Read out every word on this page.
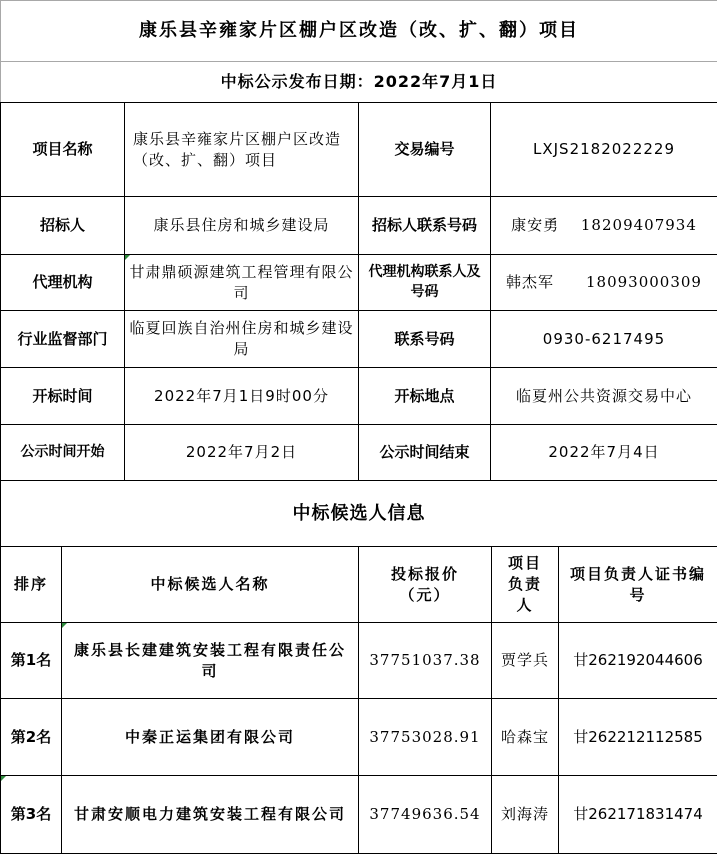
康乐县辛雍家片区棚户区改造（改、扩、翻）项目
中标公示发布日期：2022年7月1日
项目名称	康乐县辛雍家片区棚户区改造（改、扩、翻）项目	交易编号	LXJS2182022229
招标人	康乐县住房和城乡建设局	招标人联系号码	康安勇　 18209407934
代理机构	甘肃鼎硕源建筑工程管理有限公司	代理机构联系人及号码	韩杰军　　18093000309
行业监督部门	临夏回族自治州住房和城乡建设局	联系号码	0930-6217495
开标时间	2022年7月1日9时00分	开标地点	临夏州公共资源交易中心
公示时间开始	2022年7月2日	公示时间结束	2022年7月4日
中标候选人信息				
排序	中标候选人名称	投标报价（元）	项目负责人	项目负责人证书编号
第1名	康乐县长建建筑安装工程有限责任公司	37751037.38	贾学兵	甘262192044606
第2名	中秦正运集团有限公司	37753028.91	哈森宝	甘262212112585
第3名	甘肃安顺电力建筑安装工程有限公司	37749636.54	刘海涛	甘262171831474
